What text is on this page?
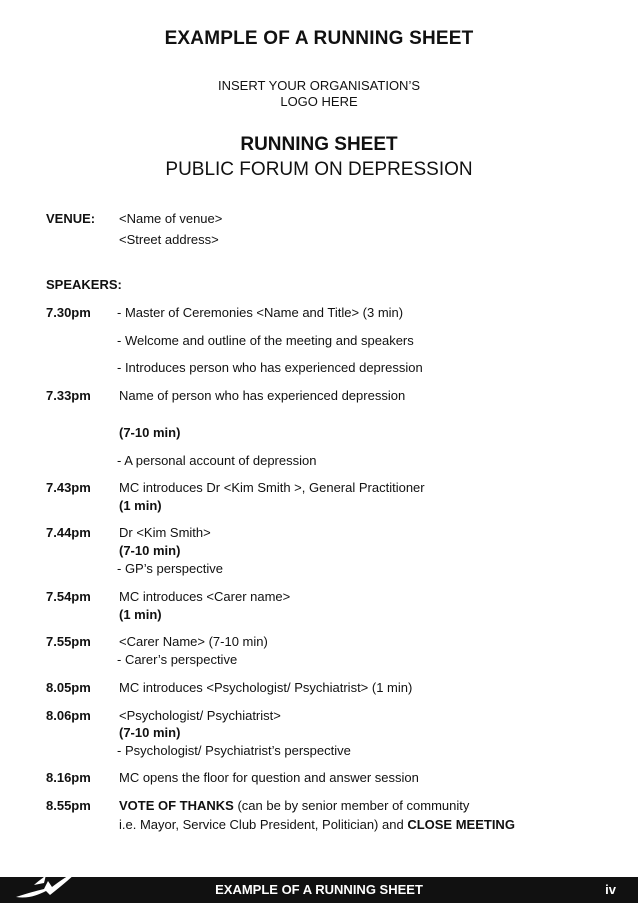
EXAMPLE OF A RUNNING SHEET
INSERT YOUR ORGANISATION’S
LOGO HERE
RUNNING SHEET
PUBLIC FORUM ON DEPRESSION
VENUE: <Name of venue>
<Street address>
SPEAKERS:
7.30pm - Master of Ceremonies <Name and Title> (3 min)
- Welcome and outline of the meeting and speakers
- Introduces person who has experienced depression
7.33pm Name of person who has experienced depression
(7-10 min)
- A personal account of depression
7.43pm MC introduces Dr <Kim Smith >, General Practitioner
(1 min)
7.44pm Dr <Kim Smith>
(7-10 min)
- GP’s perspective
7.54pm MC introduces <Carer name>
(1 min)
7.55pm <Carer Name> (7-10 min)
- Carer’s perspective
8.05pm MC introduces <Psychologist/ Psychiatrist> (1 min)
8.06pm <Psychologist/ Psychiatrist>
(7-10 min)
- Psychologist/ Psychiatrist’s perspective
8.16pm MC opens the floor for question and answer session
8.55pm VOTE OF THANKS (can be by senior member of community
i.e. Mayor, Service Club President, Politician) and CLOSE MEETING
EXAMPLE OF A RUNNING SHEET	iv
